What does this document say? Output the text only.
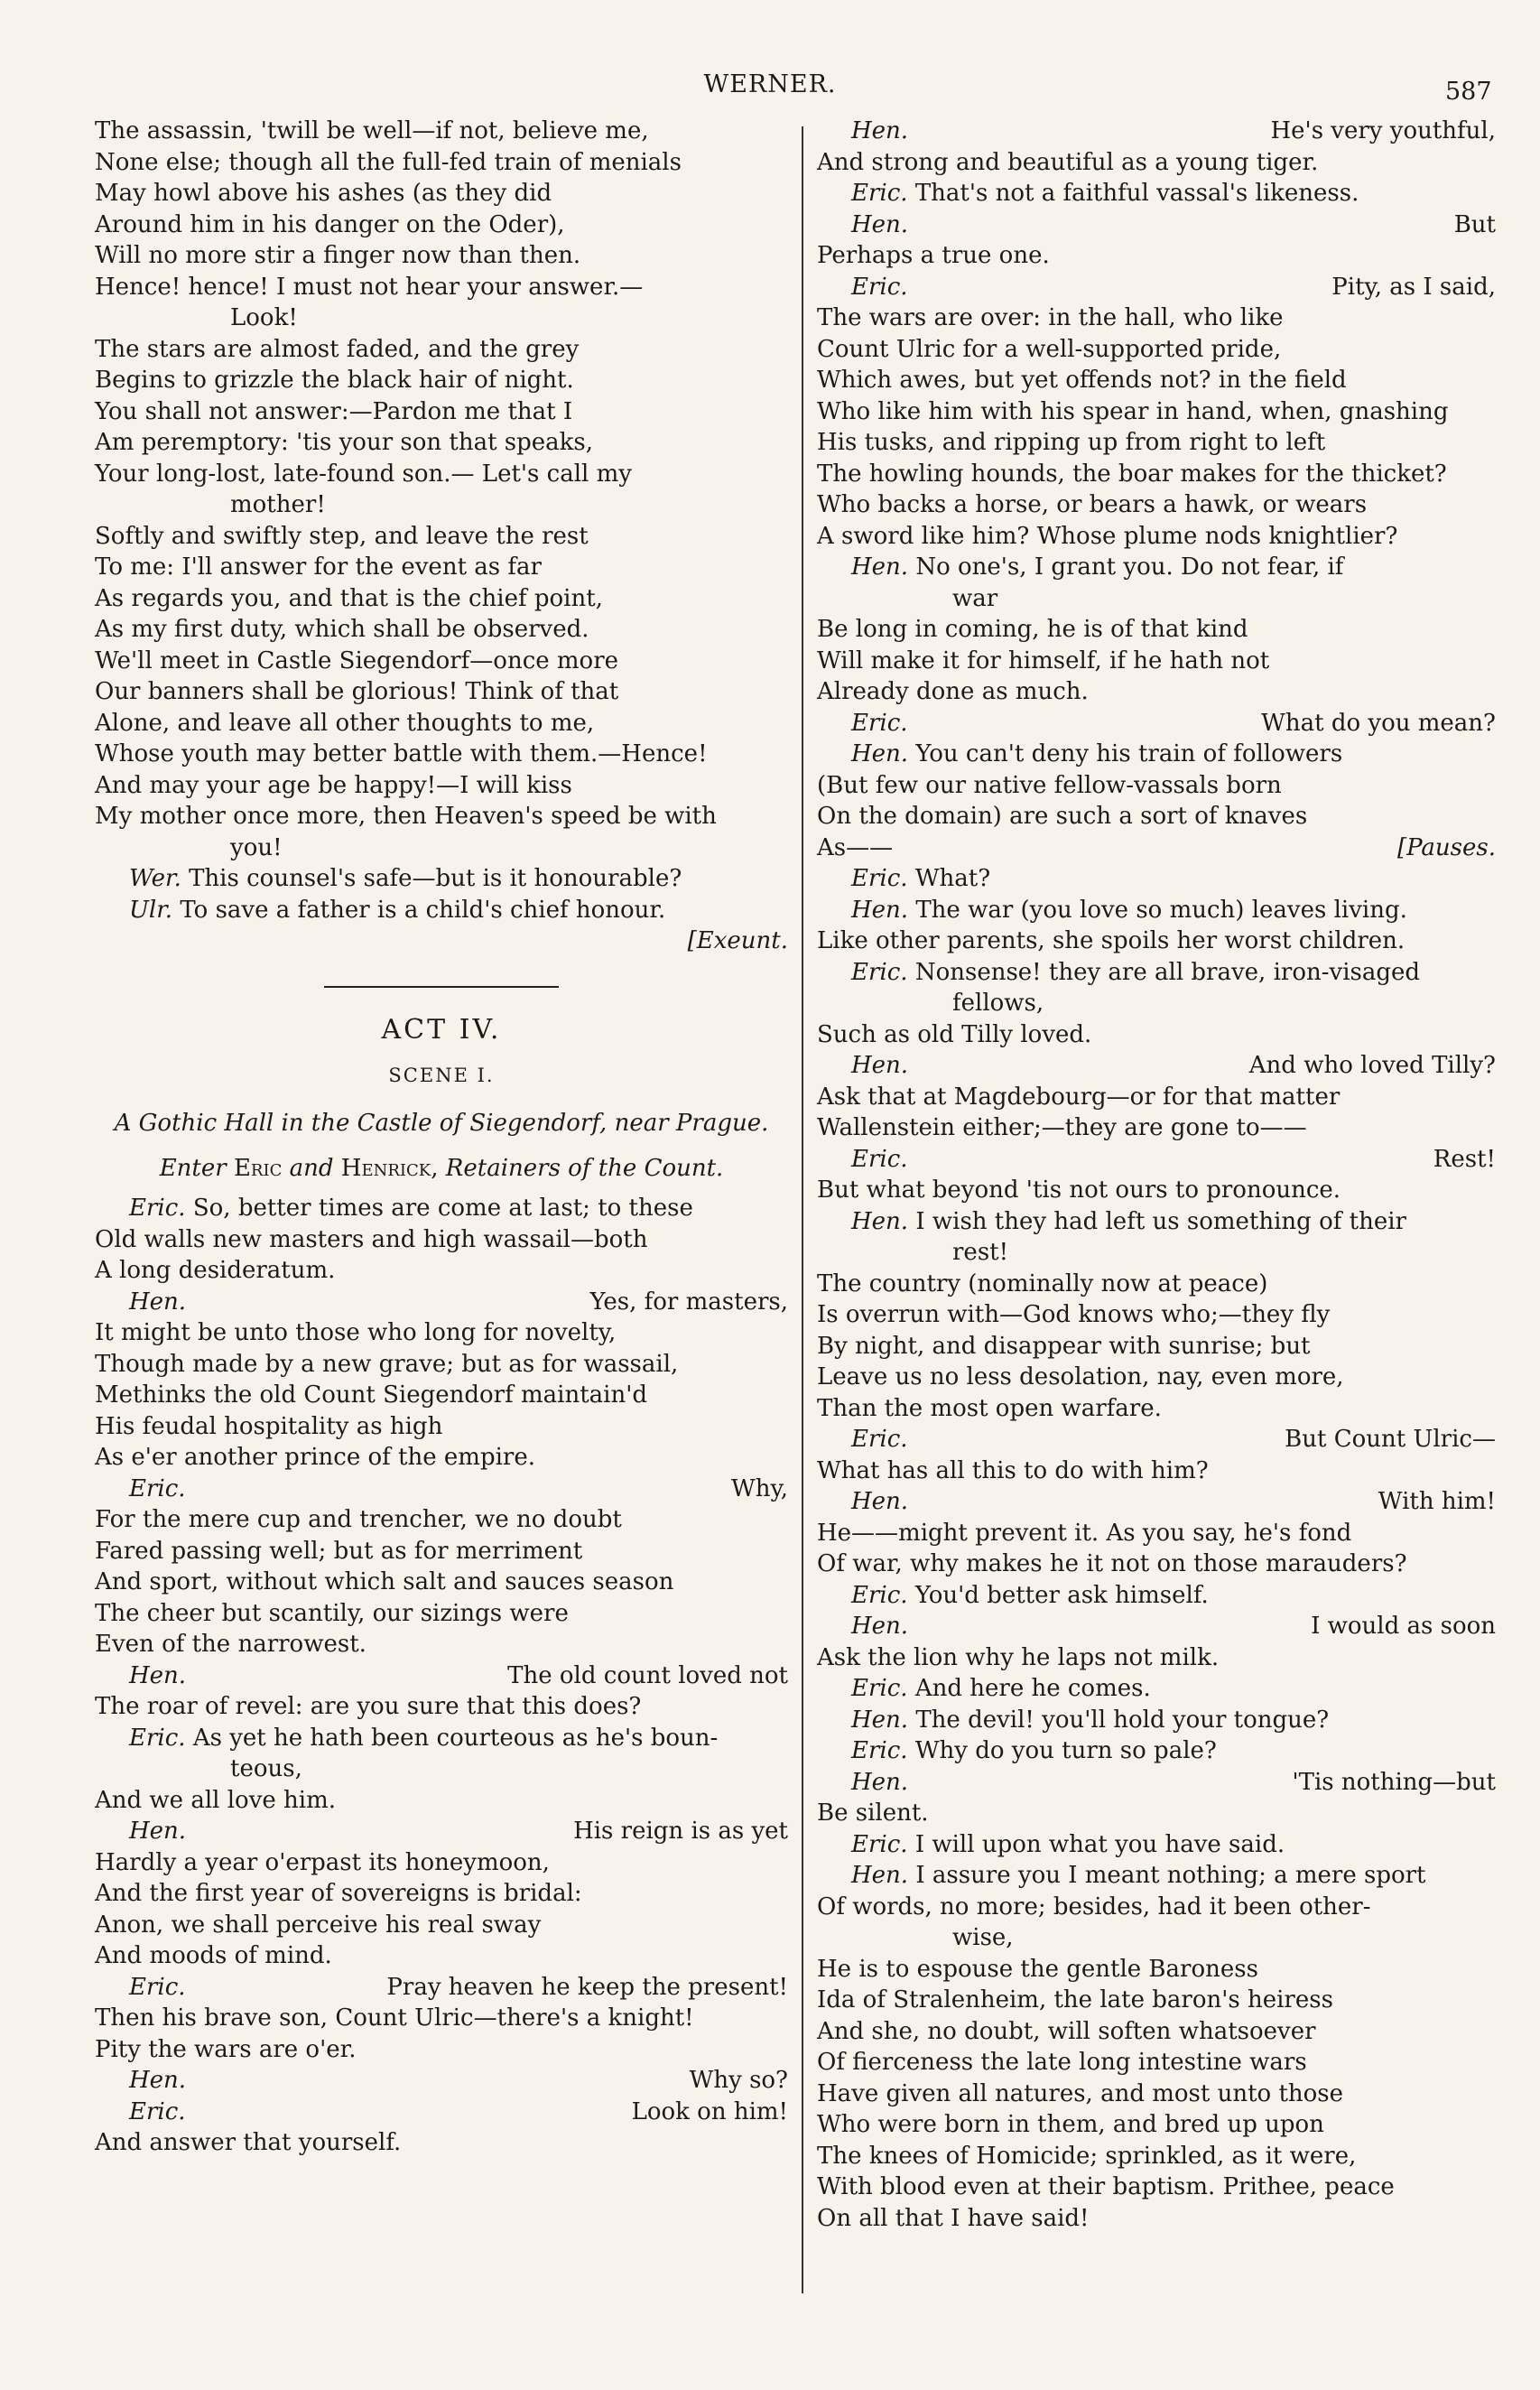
WERNER.	587
The assassin, 'twill be well—if not, believe me,
None else; though all the full-fed train of menials
May howl above his ashes (as they did
Around him in his danger on the Oder),
Will no more stir a finger now than then.
Hence! hence! I must not hear your answer.—
Look!
The stars are almost faded, and the grey
Begins to grizzle the black hair of night.
You shall not answer:—Pardon me that I
Am peremptory: 'tis your son that speaks,
Your long-lost, late-found son.— Let's call my
mother!
Softly and swiftly step, and leave the rest
To me: I'll answer for the event as far
As regards you, and that is the chief point,
As my first duty, which shall be observed.
We'll meet in Castle Siegendorf—once more
Our banners shall be glorious! Think of that
Alone, and leave all other thoughts to me,
Whose youth may better battle with them.—Hence!
And may your age be happy!—I will kiss
My mother once more, then Heaven's speed be with
you!
Wer. This counsel's safe—but is it honourable?
Ulr. To save a father is a child's chief honour.
[Exeunt.
ACT IV.
SCENE I.
A Gothic Hall in the Castle of Siegendorf, near Prague.
Enter Eric and Henrick, Retainers of the Count.
Eric. So, better times are come at last; to these
Old walls new masters and high wassail—both
A long desideratum.
Hen.	Yes, for masters,
It might be unto those who long for novelty,
Though made by a new grave; but as for wassail,
Methinks the old Count Siegendorf maintain'd
His feudal hospitality as high
As e'er another prince of the empire.
Eric.	Why,
For the mere cup and trencher, we no doubt
Fared passing well; but as for merriment
And sport, without which salt and sauces season
The cheer but scantily, our sizings were
Even of the narrowest.
Hen.	The old count loved not
The roar of revel: are you sure that this does?
Eric. As yet he hath been courteous as he's boun-
teous,
And we all love him.
Hen.	His reign is as yet
Hardly a year o'erpast its honeymoon,
And the first year of sovereigns is bridal:
Anon, we shall perceive his real sway
And moods of mind.
Eric.	Pray heaven he keep the present!
Then his brave son, Count Ulric—there's a knight!
Pity the wars are o'er.
Hen.	Why so?
Eric.	Look on him!
And answer that yourself.
Hen.	He's very youthful,
And strong and beautiful as a young tiger.
Eric. That's not a faithful vassal's likeness.
Hen.	But
Perhaps a true one.
Eric.	Pity, as I said,
The wars are over: in the hall, who like
Count Ulric for a well-supported pride,
Which awes, but yet offends not? in the field
Who like him with his spear in hand, when, gnashing
His tusks, and ripping up from right to left
The howling hounds, the boar makes for the thicket?
Who backs a horse, or bears a hawk, or wears
A sword like him? Whose plume nods knightlier?
Hen. No one's, I grant you. Do not fear, if
war
Be long in coming, he is of that kind
Will make it for himself, if he hath not
Already done as much.
Eric.	What do you mean?
Hen. You can't deny his train of followers
(But few our native fellow-vassals born
On the domain) are such a sort of knaves
As——	[Pauses.
Eric. What?
Hen. The war (you love so much) leaves living.
Like other parents, she spoils her worst children.
Eric. Nonsense! they are all brave, iron-visaged
fellows,
Such as old Tilly loved.
Hen.	And who loved Tilly?
Ask that at Magdebourg—or for that matter
Wallenstein either;—they are gone to——
Eric.	Rest!
But what beyond 'tis not ours to pronounce.
Hen. I wish they had left us something of their
rest!
The country (nominally now at peace)
Is overrun with—God knows who;—they fly
By night, and disappear with sunrise; but
Leave us no less desolation, nay, even more,
Than the most open warfare.
Eric.	But Count Ulric—
What has all this to do with him?
Hen.	With him!
He——might prevent it. As you say, he's fond
Of war, why makes he it not on those marauders?
Eric. You'd better ask himself.
Hen.	I would as soon
Ask the lion why he laps not milk.
Eric. And here he comes.
Hen. The devil! you'll hold your tongue?
Eric. Why do you turn so pale?
Hen.	'Tis nothing—but
Be silent.
Eric. I will upon what you have said.
Hen. I assure you I meant nothing; a mere sport
Of words, no more; besides, had it been other-
wise,
He is to espouse the gentle Baroness
Ida of Stralenheim, the late baron's heiress
And she, no doubt, will soften whatsoever
Of fierceness the late long intestine wars
Have given all natures, and most unto those
Who were born in them, and bred up upon
The knees of Homicide; sprinkled, as it were,
With blood even at their baptism. Prithee, peace
On all that I have said!
